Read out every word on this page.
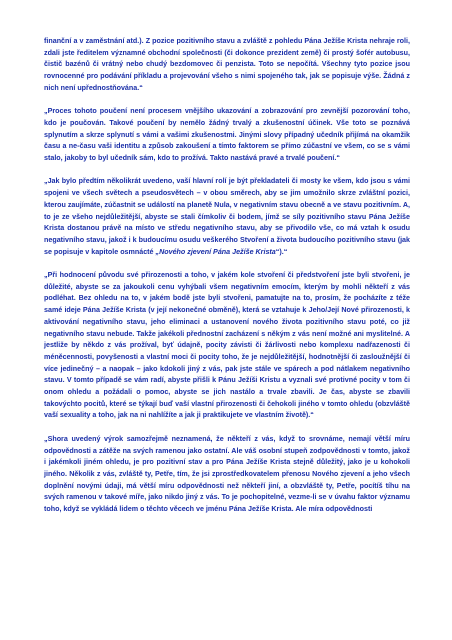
finanční a v zaměstnání atd.). Z pozice pozitivního stavu a zvláště z pohledu Pána Ježíše Krista nehraje roli, zdali jste ředitelem významné obchodní společnosti (či dokonce prezident země) či prostý šofér autobusu, čistič bazénů či vrátný nebo chudý bezdomovec či penzista. Toto se nepočítá. Všechny tyto pozice jsou rovnocenné pro podávání příkladu a projevování všeho s nimi spojeného tak, jak se popisuje výše. Žádná z nich není upřednostňována.“

„Proces tohoto poučení není procesem vnějšího ukazování a zobrazování pro zevnější pozorování toho, kdo je poučován. Takové poučení by nemělo žádný trvalý a zkušenostní účinek. Vše toto se poznává splynutím a skrze splynutí s vámi a vašimi zkušenostmi. Jinými slovy případný učedník přijímá na okamžik času a ne-času vaši identitu a způsob zakoušení a tímto faktorem se přímo zúčastní ve všem, co se s vámi stalo, jakoby to byl učedník sám, kdo to prožívá. Takto nastává pravé a trvalé poučení.“

„Jak bylo předtím několikrát uvedeno, vaší hlavní rolí je být překladateli či mosty ke všem, kdo jsou s vámi spojeni ve všech světech a pseudosvětech – v obou směrech, aby se jim umožnilo skrze zvláštní pozici, kterou zaujímáte, zúčastnit se událostí na planetě Nula, v negativním stavu obecně a ve stavu pozitivním. A, to je ze všeho nejdůležitější, abyste se stali čímkoliv či bodem, jímž se síly pozitivního stavu Pána Ježíše Krista dostanou právě na místo ve středu negativního stavu, aby se přivodilo vše, co má vztah k osudu negativního stavu, jakož i k budoucímu osudu veškerého Stvoření a života budoucího pozitivního stavu (jak se popisuje v kapitole osmnácté „Nového zjevení Pána Ježíše Krista“).“

„Při hodnocení původu své přirozenosti a toho, v jakém kole stvoření či předstvoření jste byli stvořeni, je důležité, abyste se za jakoukoli cenu vyhýbali všem negativním emocím, kterým by mohli někteří z vás podléhat. Bez ohledu na to, v jakém bodě jste byli stvořeni, pamatujte na to, prosím, že pocházíte z téže samé ideje Pána Ježíše Krista (v její nekonečné obměně), která se vztahuje k Jeho/Její Nové přirozenosti, k aktivování negativního stavu, jeho eliminaci a ustanovení nového života pozitivního stavu poté, co již negativního stavu nebude. Takže jakékoli přednostní zacházení s někým z vás není možné ani myslitelné. A jestliže by někdo z vás prožíval, byť údajně, pocity závisti či žárlivosti nebo komplexu nadřazenosti či méněcennosti, povyšenosti a vlastní moci či pocity toho, že je nejdůležitější, hodnotnější či zasloužnější či více jedinečný – a naopak – jako kdokoli jiný z vás, pak jste stále ve spárech a pod nátlakem negativního stavu. V tomto případě se vám radí, abyste přišli k Pánu Ježíši Kristu a vyznali své protivné pocity v tom či onom ohledu a požádali o pomoc, abyste se jich nastálo a trvale zbavili. Je čas, abyste se zbavili takovýchto pocitů, které se týkají buď vaší vlastní přirozenosti či čehokoli jiného v tomto ohledu (obzvláště vaší sexuality a toho, jak na ni nahlížíte a jak ji praktikujete ve vlastním životě).“

„Shora uvedený výrok samozřejmě neznamená, že někteří z vás, když to srovnáme, nemají větší míru odpovědnosti a zátěže na svých ramenou jako ostatní. Ale váš osobní stupeň zodpovědnosti v tomto, jakož i jakémkoli jiném ohledu, je pro pozitivní stav a pro Pána Ježíše Krista stejně důležitý, jako je u kohokoli jiného. Několik z vás, zvláště ty, Petře, tím, že jsi zprostředkovatelem přenosu Nového zjevení a jeho všech doplnění novými údaji, má větší míru odpovědnosti než někteří jiní, a obzvláště ty, Petře, pocítíš tíhu na svých ramenou v takové míře, jako nikdo jiný z vás. To je pochopitelné, vezme-li se v úvahu faktor významu toho, když se vykládá lidem o těchto věcech ve jménu Pána Ježíše Krista. Ale míra odpovědnosti
